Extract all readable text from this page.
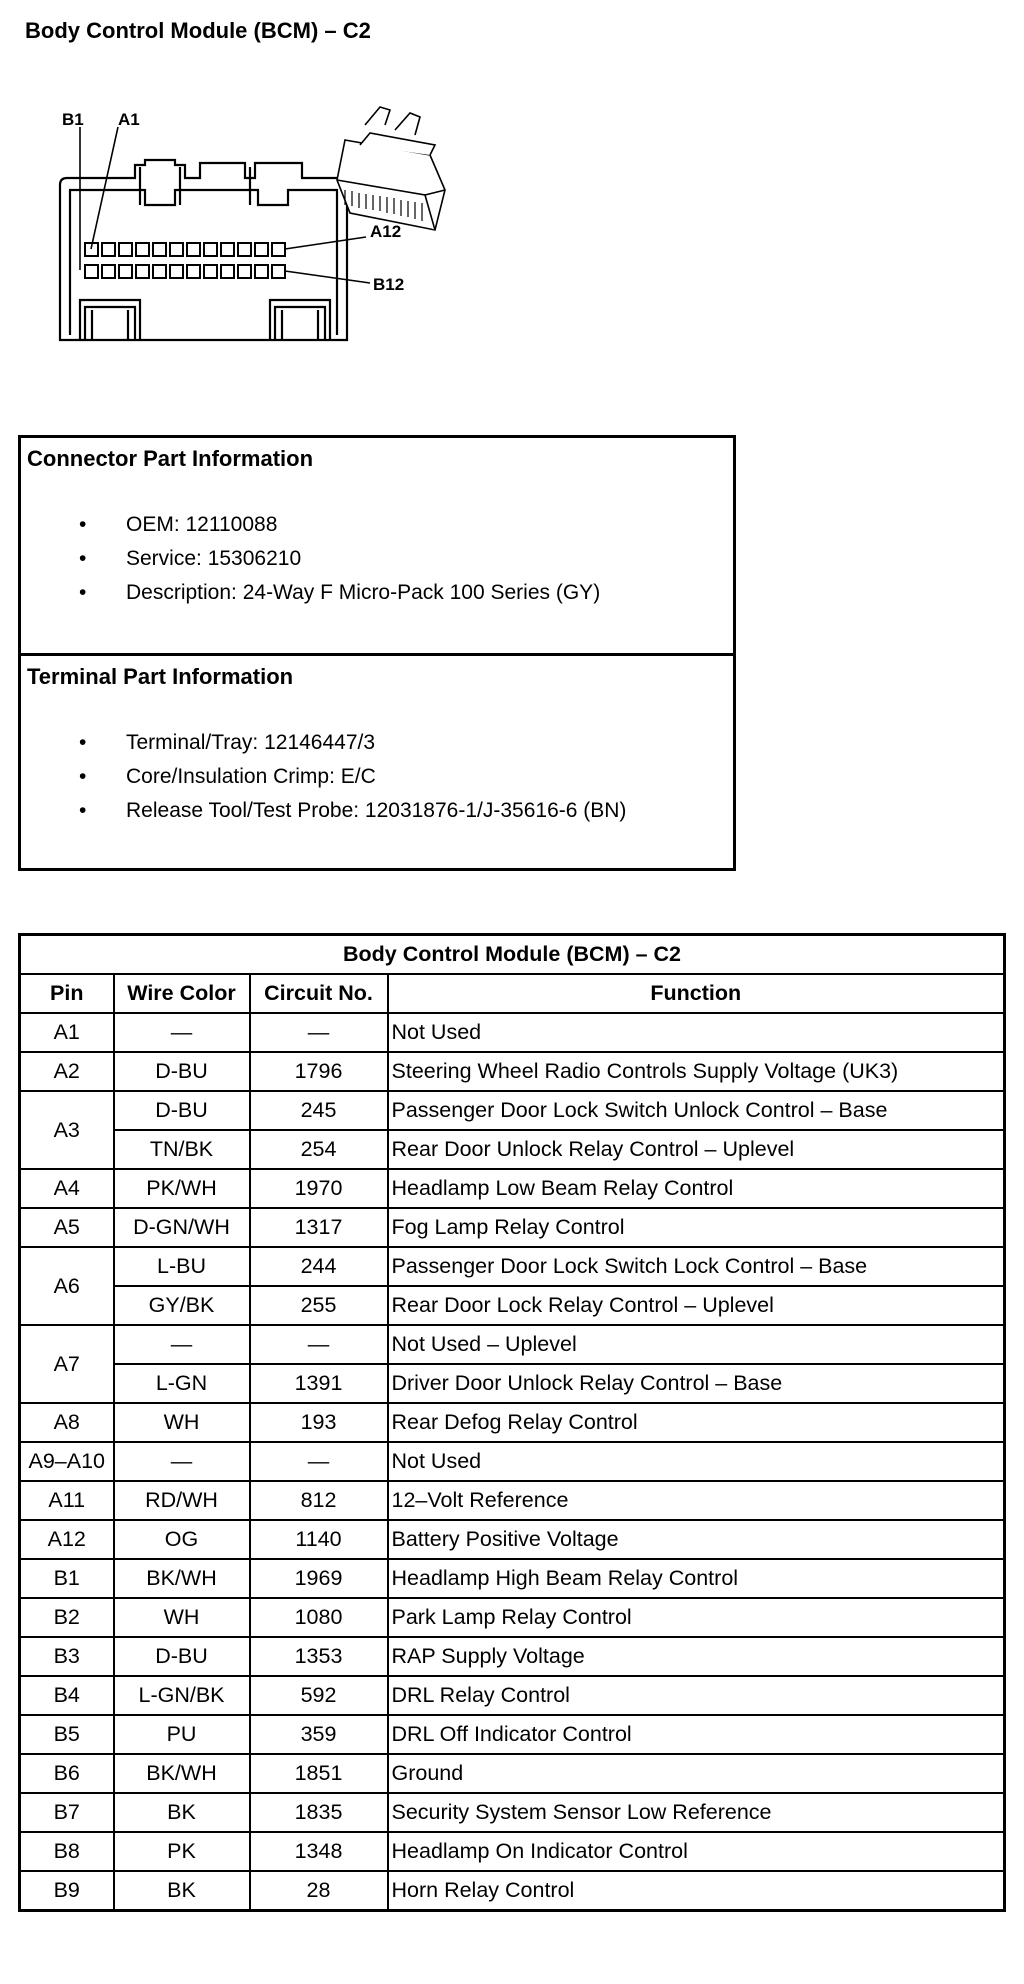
Body Control Module (BCM) – C2
B1 A1
A12
B12
Connector Part Information
• OEM: 12110088
• Service: 15306210
• Description: 24-Way F Micro-Pack 100 Series (GY)
Terminal Part Information
• Terminal/Tray: 12146447/3
• Core/Insulation Crimp: E/C
• Release Tool/Test Probe: 12031876-1/J-35616-6 (BN)
Body Control Module (BCM) – C2			
Pin	Wire Color	Circuit No.	Function
A1	—	—	Not Used
A2	D-BU	1796	Steering Wheel Radio Controls Supply Voltage (UK3)
A3	D-BU	245	Passenger Door Lock Switch Unlock Control – Base
	TN/BK	254	Rear Door Unlock Relay Control – Uplevel
A4	PK/WH	1970	Headlamp Low Beam Relay Control
A5	D-GN/WH	1317	Fog Lamp Relay Control
A6	L-BU	244	Passenger Door Lock Switch Lock Control – Base
	GY/BK	255	Rear Door Lock Relay Control – Uplevel
A7	—	—	Not Used – Uplevel
	L-GN	1391	Driver Door Unlock Relay Control – Base
A8	WH	193	Rear Defog Relay Control
A9–A10	—	—	Not Used
A11	RD/WH	812	12–Volt Reference
A12	OG	1140	Battery Positive Voltage
B1	BK/WH	1969	Headlamp High Beam Relay Control
B2	WH	1080	Park Lamp Relay Control
B3	D-BU	1353	RAP Supply Voltage
B4	L-GN/BK	592	DRL Relay Control
B5	PU	359	DRL Off Indicator Control
B6	BK/WH	1851	Ground
B7	BK	1835	Security System Sensor Low Reference
B8	PK	1348	Headlamp On Indicator Control
B9	BK	28	Horn Relay Control
